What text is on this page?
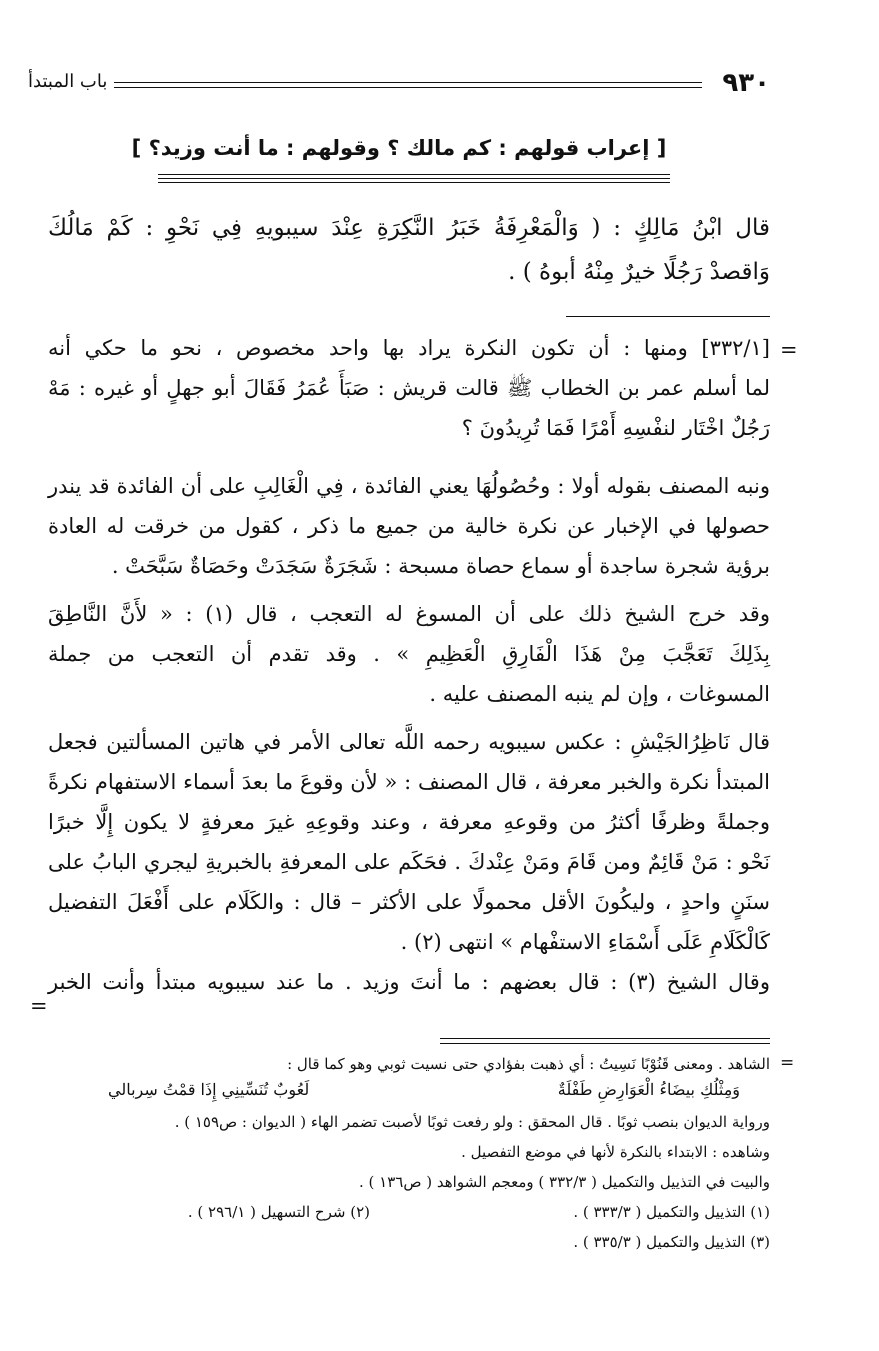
٩٣٠
باب المبتدأ
[ إعراب قولهم : كم مالك ؟ وقولهم : ما أنت وزيد؟ ]

قال ابْنُ مَالِكٍ : ( وَالْمَعْرِفَةُ خَبَرُ النَّكِرَةِ عِنْدَ سيبويهِ فِي نَحْوِ : كَمْ مَالُكَ

وَاقصدْ رَجُلًا خيرٌ مِنْهُ أبوهُ ) .

=

[٣٣٢/١] ومنها : أن تكون النكرة يراد بها واحد مخصوص ، نحو ما حكي أنه

لما أسلم عمر بن الخطاب ﷺ قالت قريش : صَبَأَ عُمَرُ فَقَالَ أبو جهلٍ أو غيره : مَهْ

رَجُلٌ اخْتَار لنفْسِهِ أَمْرًا فَمَا تُرِيدُونَ ؟

ونبه المصنف بقوله أولا : وحُصُولُهَا يعني الفائدة ، فِي الْغَالِبِ على أن الفائدة قد يندر

حصولها في الإخبار عن نكرة خالية من جميع ما ذكر ، كقول من خرقت له العادة

برؤية شجرة ساجدة أو سماع حصاة مسبحة : شَجَرَةٌ سَجَدَتْ وحَصَاةٌ سَبَّحَتْ .

وقد خرج الشيخ ذلك على أن المسوغ له التعجب ، قال (١) : « لأَنَّ النَّاطِقَ

بِذَلِكَ تَعَجَّبَ مِنْ هَذَا الْفَارِقِ الْعَظِيمِ » . وقد تقدم أن التعجب من جملة

المسوغات ، وإن لم ينبه المصنف عليه .

قال نَاظِرُالجَيْشِ : عكس سيبويه رحمه اللَّه تعالى الأمر في هاتين المسألتين فجعل

المبتدأ نكرة والخبر معرفة ، قال المصنف : « لأن وقوعَ ما بعدَ أسماء الاستفهام نكرةً

وجملةً وظرفًا أكثرُ من وقوعهِ معرفة ، وعند وقوعِهِ غيرَ معرفةٍ لا يكون إِلَّا خبرًا

نَحْو : مَنْ قَائِمٌ ومن قَامَ ومَنْ عِنْدكَ . فحَكَم على المعرفةِ بالخبريةِ ليجري البابُ على

سنَنٍ واحدٍ ، وليكُونَ الأقل محمولًا على الأكثر – قال : والكَلَام على أَفْعَلَ التفضيل

كَالْكَلَامِ عَلَى أَسْمَاءِ الاستفْهام » انتهى (٢) .

وقال الشيخ (٣) : قال بعضهم : ما أنتَ وزيد . ما عند سيبويه مبتدأ وأنت الخبر

=
=

الشاهد . ومعنى قَنُوْبًا نَسِيتُ : أي ذهبت بفؤادي حتى نسيت ثوبي وهو كما قال :

وَمِثْلُكِ بيضَاءُ الْعَوَارِضِ طَفْلَةٌ
لَعُوبٌ تُنَسِّينِي إِذَا قمْتُ سِربالي

ورواية الديوان بنصب ثوبًا . قال المحقق : ولو رفعت ثوبًا لأصبت تضمر الهاء ( الديوان : ص١٥٩ ) .

وشاهده : الابتداء بالنكرة لأنها في موضع التفصيل .

والبيت في التذييل والتكميل ( ٣٣٢/٣ ) ومعجم الشواهد ( ص١٣٦ ) .

(١) التذييل والتكميل ( ٣٣٣/٣ ) .
(٢) شرح التسهيل ( ٢٩٦/١ ) .

(٣) التذييل والتكميل ( ٣٣٥/٣ ) .
